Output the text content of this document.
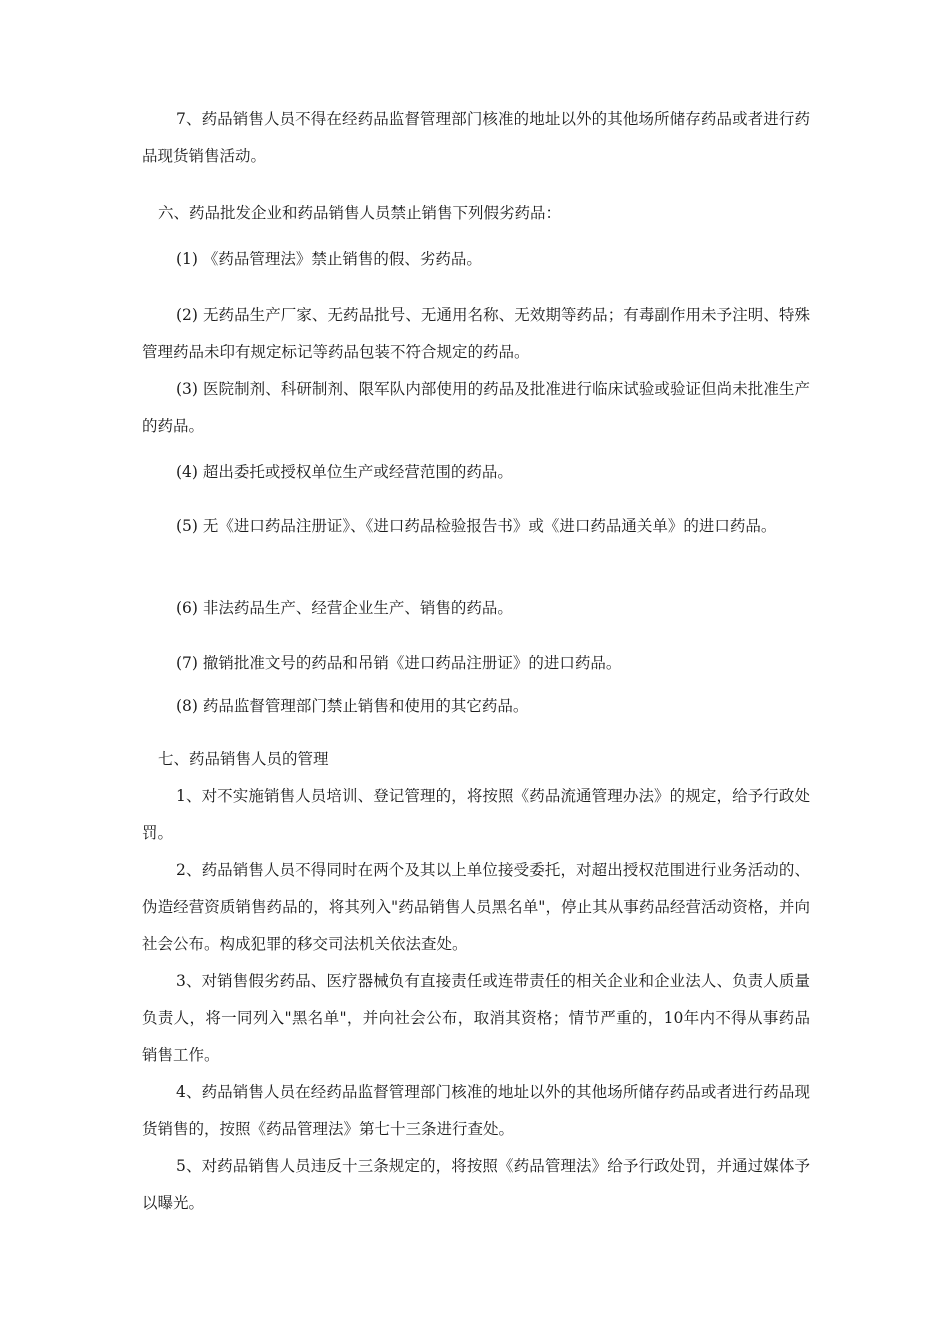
7、药品销售人员不得在经药品监督管理部门核准的地址以外的其他场所储存药品或者进行药品现货销售活动。

六、药品批发企业和药品销售人员禁止销售下列假劣药品：

(1) 《药品管理法》禁止销售的假、劣药品。

(2) 无药品生产厂家、无药品批号、无通用名称、无效期等药品；有毒副作用未予注明、特殊管理药品未印有规定标记等药品包装不符合规定的药品。

(3) 医院制剂、科研制剂、限军队内部使用的药品及批准进行临床试验或验证但尚未批准生产的药品。

(4) 超出委托或授权单位生产或经营范围的药品。

(5) 无《进口药品注册证》、《进口药品检验报告书》或《进口药品通关单》的进口药品。

(6) 非法药品生产、经营企业生产、销售的药品。

(7) 撤销批准文号的药品和吊销《进口药品注册证》的进口药品。

(8) 药品监督管理部门禁止销售和使用的其它药品。

七、药品销售人员的管理

1、对不实施销售人员培训、登记管理的，将按照《药品流通管理办法》的规定，给予行政处罚。

2、药品销售人员不得同时在两个及其以上单位接受委托，对超出授权范围进行业务活动的、伪造经营资质销售药品的，将其列入"药品销售人员黑名单"，停止其从事药品经营活动资格，并向社会公布。构成犯罪的移交司法机关依法查处。

3、对销售假劣药品、医疗器械负有直接责任或连带责任的相关企业和企业法人、负责人质量负责人，将一同列入"黑名单"，并向社会公布，取消其资格；情节严重的，10年内不得从事药品销售工作。

4、药品销售人员在经药品监督管理部门核准的地址以外的其他场所储存药品或者进行药品现货销售的，按照《药品管理法》第七十三条进行查处。

5、对药品销售人员违反十三条规定的，将按照《药品管理法》给予行政处罚，并通过媒体予以曝光。
